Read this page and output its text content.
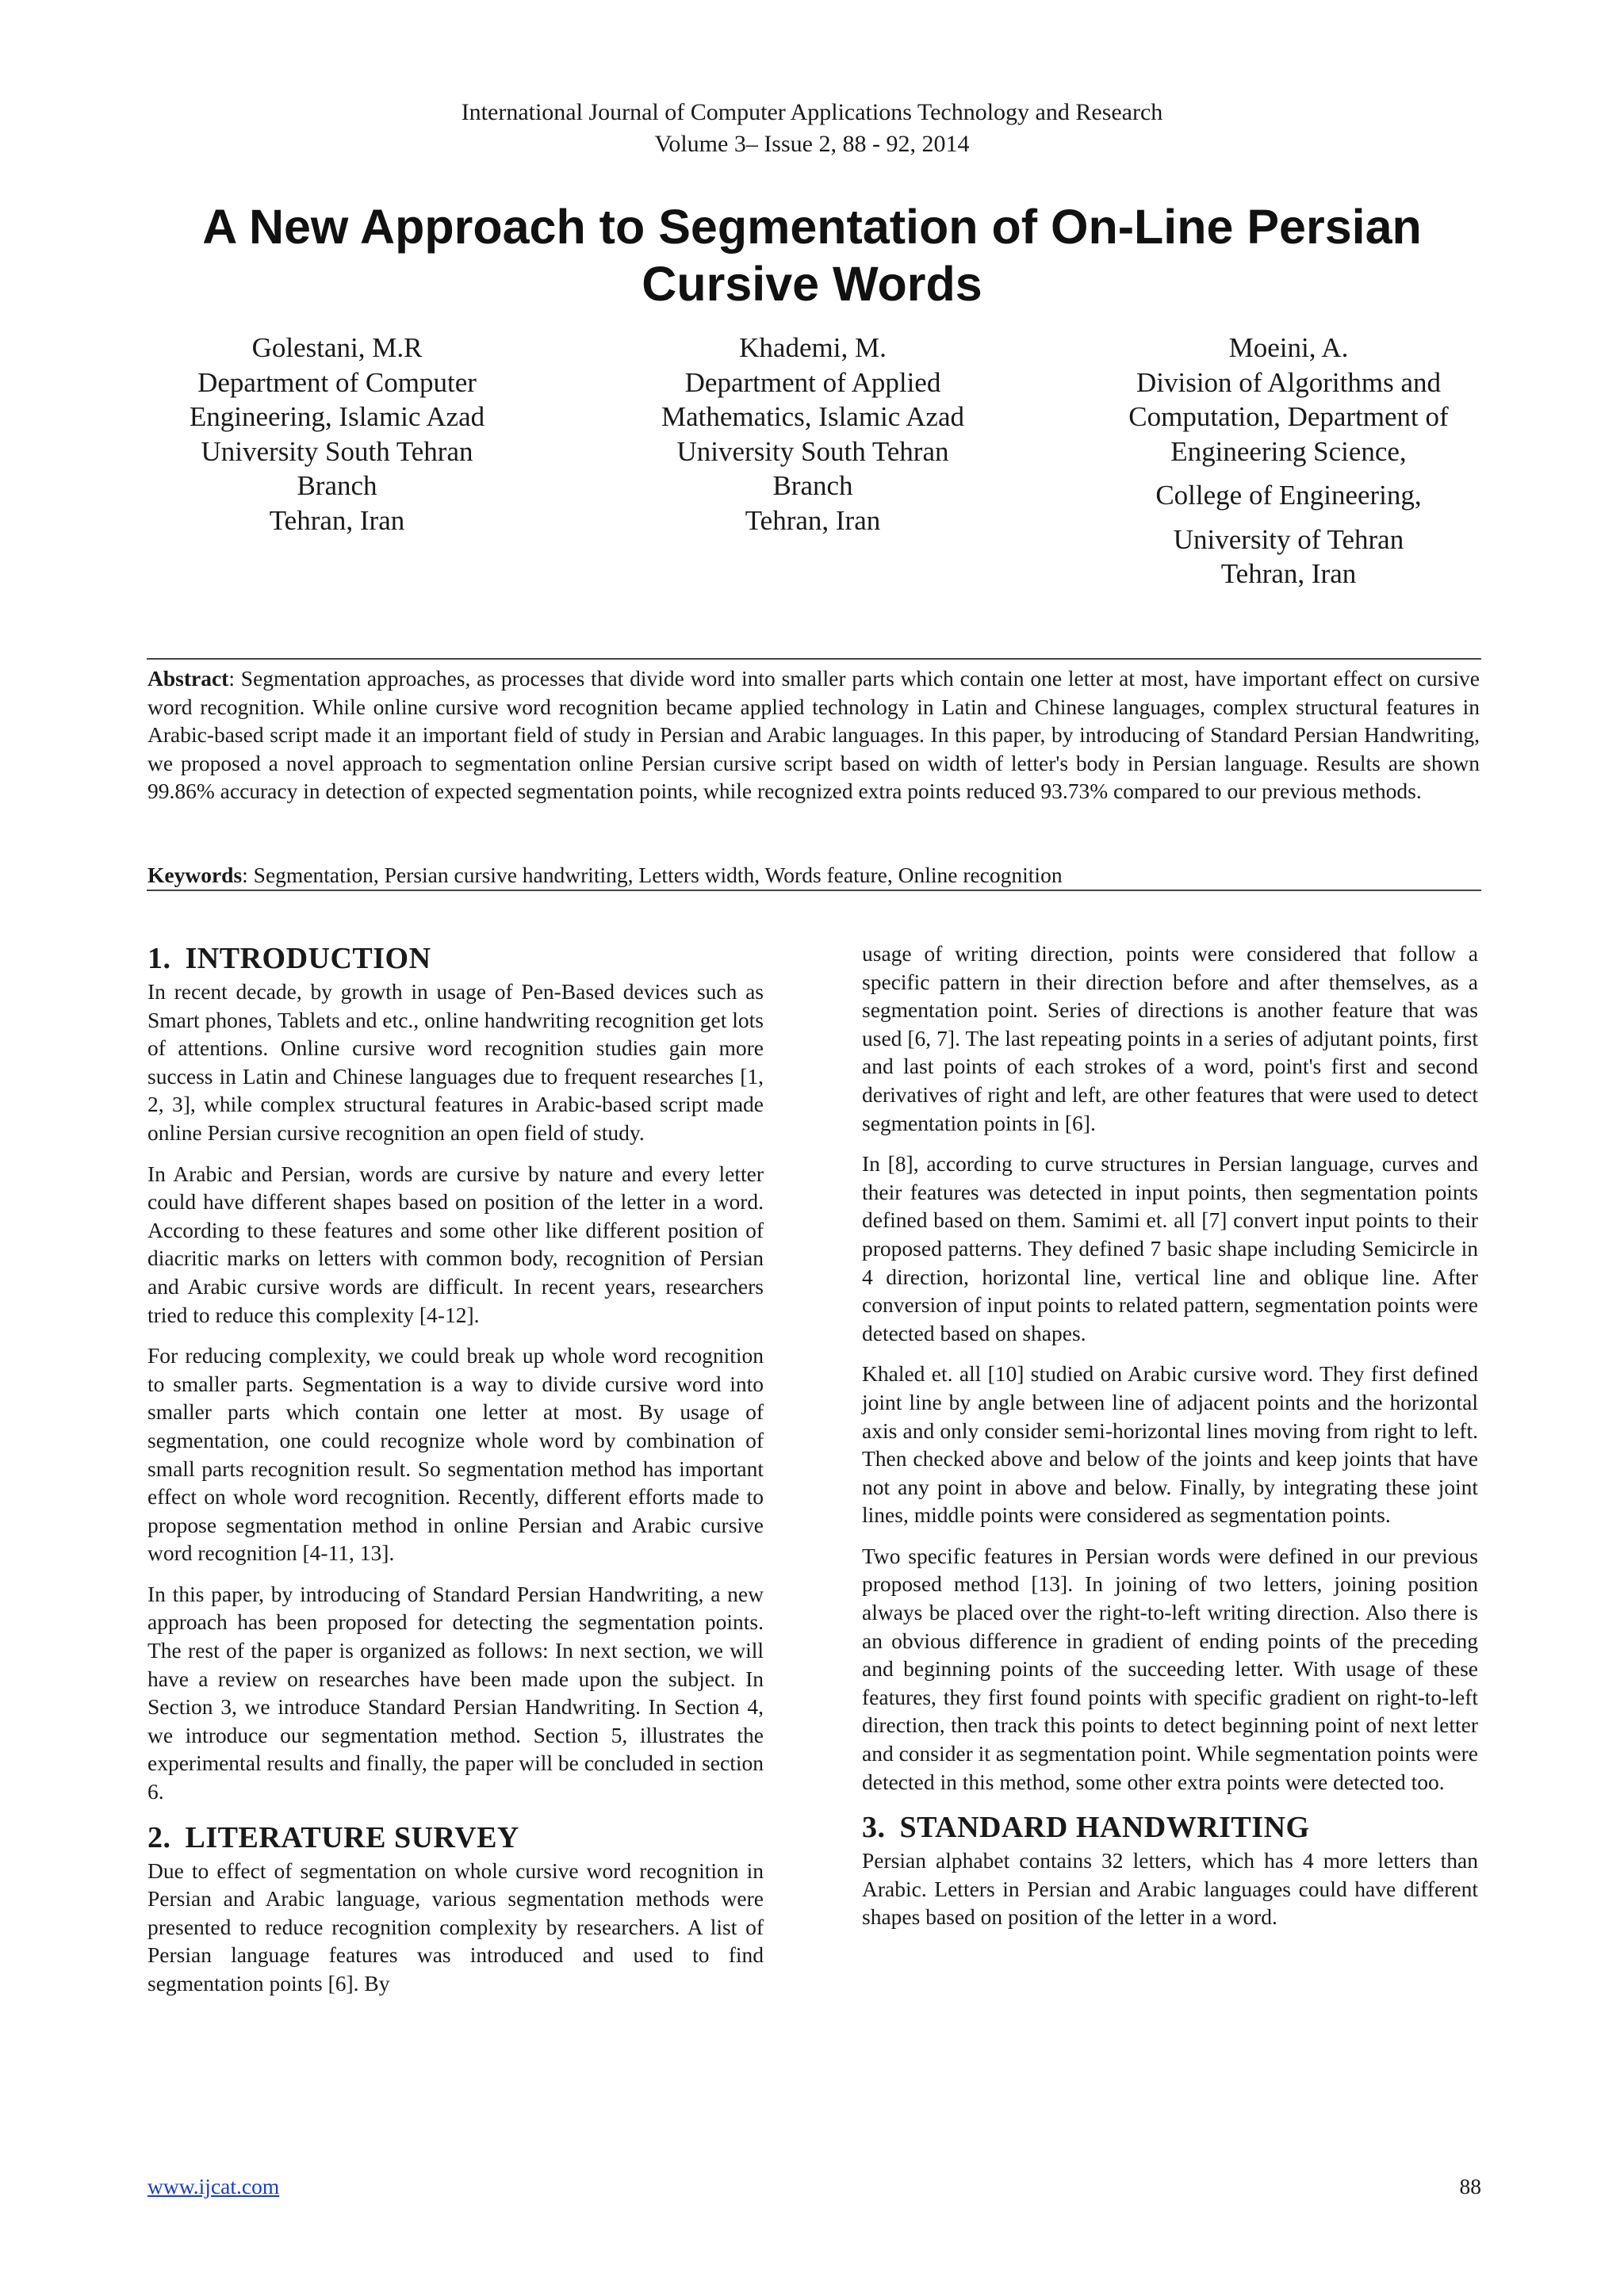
International Journal of Computer Applications Technology and Research
Volume 3– Issue 2, 88 - 92, 2014
A New Approach to Segmentation of On-Line Persian
Cursive Words
Golestani, M.R
Department of Computer
Engineering, Islamic Azad
University South Tehran
Branch
Tehran, Iran
Khademi, M.
Department of Applied
Mathematics, Islamic Azad
University South Tehran
Branch
Tehran, Iran
Moeini, A.
Division of Algorithms and
Computation, Department of
Engineering Science,
College of Engineering,
University of Tehran
Tehran, Iran
Abstract: Segmentation approaches, as processes that divide word into smaller parts which contain one letter at most, have important effect on cursive word recognition. While online cursive word recognition became applied technology in Latin and Chinese languages, complex structural features in Arabic-based script made it an important field of study in Persian and Arabic languages. In this paper, by introducing of Standard Persian Handwriting, we proposed a novel approach to segmentation online Persian cursive script based on width of letter's body in Persian language. Results are shown 99.86% accuracy in detection of expected segmentation points, while recognized extra points reduced 93.73% compared to our previous methods.
Keywords: Segmentation, Persian cursive handwriting, Letters width, Words feature, Online recognition
1. INTRODUCTION

In recent decade, by growth in usage of Pen-Based devices such as Smart phones, Tablets and etc., online handwriting recognition get lots of attentions. Online cursive word recognition studies gain more success in Latin and Chinese languages due to frequent researches [1, 2, 3], while complex structural features in Arabic-based script made online Persian cursive recognition an open field of study.

In Arabic and Persian, words are cursive by nature and every letter could have different shapes based on position of the letter in a word. According to these features and some other like different position of diacritic marks on letters with common body, recognition of Persian and Arabic cursive words are difficult. In recent years, researchers tried to reduce this complexity [4-12].

For reducing complexity, we could break up whole word recognition to smaller parts. Segmentation is a way to divide cursive word into smaller parts which contain one letter at most. By usage of segmentation, one could recognize whole word by combination of small parts recognition result. So segmentation method has important effect on whole word recognition. Recently, different efforts made to propose segmentation method in online Persian and Arabic cursive word recognition [4-11, 13].

In this paper, by introducing of Standard Persian Handwriting, a new approach has been proposed for detecting the segmentation points. The rest of the paper is organized as follows: In next section, we will have a review on researches have been made upon the subject. In Section 3, we introduce Standard Persian Handwriting. In Section 4, we introduce our segmentation method. Section 5, illustrates the experimental results and finally, the paper will be concluded in section 6.

2. LITERATURE SURVEY

Due to effect of segmentation on whole cursive word recognition in Persian and Arabic language, various segmentation methods were presented to reduce recognition complexity by researchers. A list of Persian language features was introduced and used to find segmentation points [6]. By

usage of writing direction, points were considered that follow a specific pattern in their direction before and after themselves, as a segmentation point. Series of directions is another feature that was used [6, 7]. The last repeating points in a series of adjutant points, first and last points of each strokes of a word, point's first and second derivatives of right and left, are other features that were used to detect segmentation points in [6].

In [8], according to curve structures in Persian language, curves and their features was detected in input points, then segmentation points defined based on them. Samimi et. all [7] convert input points to their proposed patterns. They defined 7 basic shape including Semicircle in 4 direction, horizontal line, vertical line and oblique line. After conversion of input points to related pattern, segmentation points were detected based on shapes.

Khaled et. all [10] studied on Arabic cursive word. They first defined joint line by angle between line of adjacent points and the horizontal axis and only consider semi-horizontal lines moving from right to left. Then checked above and below of the joints and keep joints that have not any point in above and below. Finally, by integrating these joint lines, middle points were considered as segmentation points.

Two specific features in Persian words were defined in our previous proposed method [13]. In joining of two letters, joining position always be placed over the right-to-left writing direction. Also there is an obvious difference in gradient of ending points of the preceding and beginning points of the succeeding letter. With usage of these features, they first found points with specific gradient on right-to-left direction, then track this points to detect beginning point of next letter and consider it as segmentation point. While segmentation points were detected in this method, some other extra points were detected too.

3. STANDARD HANDWRITING

Persian alphabet contains 32 letters, which has 4 more letters than Arabic. Letters in Persian and Arabic languages could have different shapes based on position of the letter in a word.

www.ijcat.com	88
